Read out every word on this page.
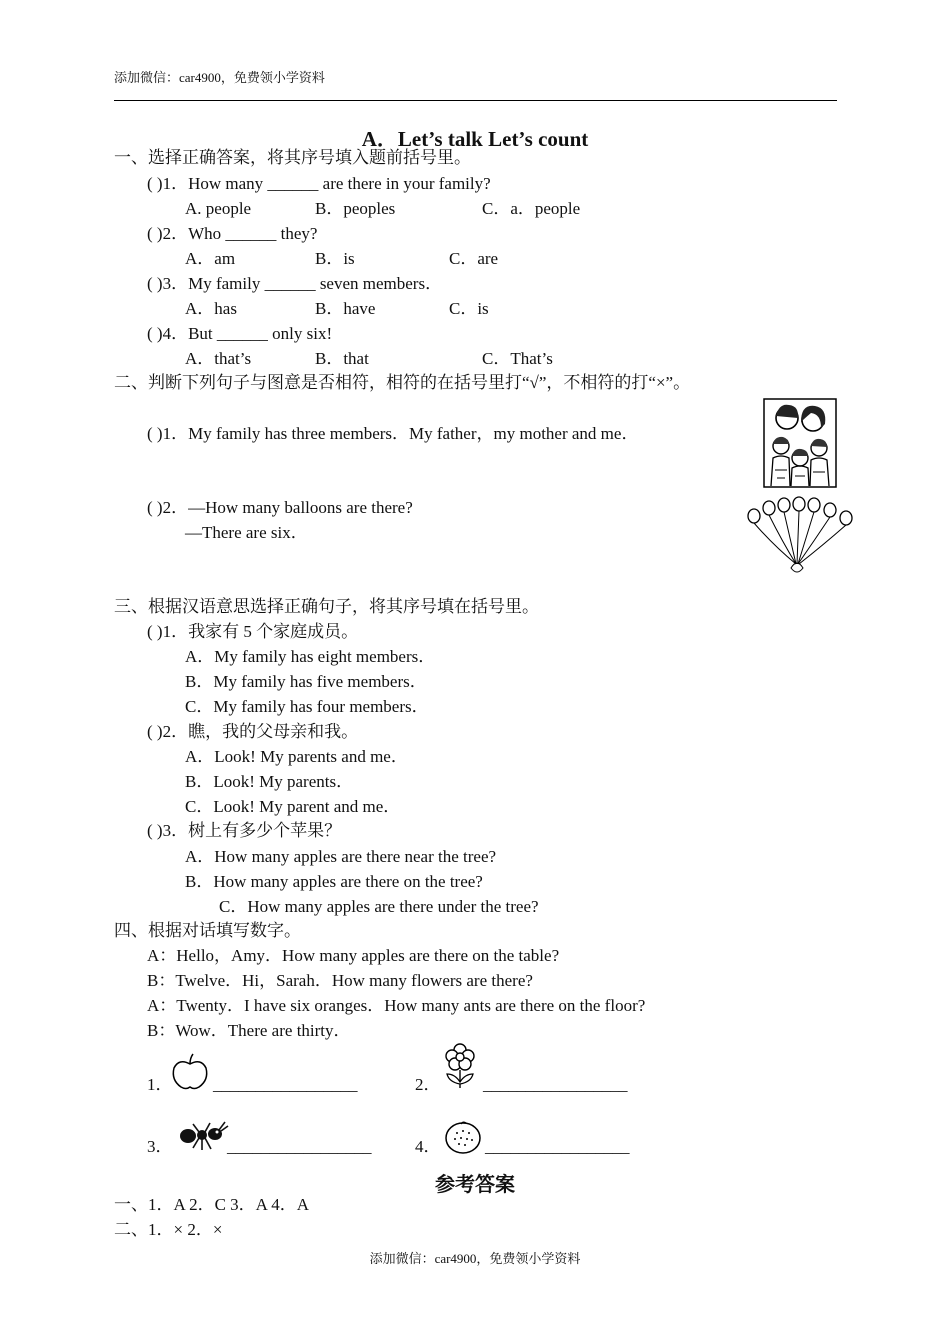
添加微信：car4900，免费领小学资料
A．Let’s talk Let’s count
一、选择正确答案，将其序号填入题前括号里。
( )1．How many ______ are there in your family?
A. people	B．peoples	C．a．people
( )2．Who ______ they?
A．am	B．is	C．are
( )3．My family ______ seven members．
A．has	B．have	C．is
( )4．But ______ only six!
A．that’s	B．that	C．That’s
二、判断下列句子与图意是否相符，相符的在括号里打“√”，不相符的打“×”。
( )1．My family has three members．My father，my mother and me．
( )2．—How many balloons are there?
—There are six．
三、根据汉语意思选择正确句子，将其序号填在括号里。
( )1．我家有 5 个家庭成员。
A．My family has eight members．
B．My family has five members．
C．My family has four members．
( )2．瞧，我的父母亲和我。
A．Look! My parents and me．
B．Look! My parents．
C．Look! My parent and me．
( )3．树上有多少个苹果？
A．How many apples are there near the tree?
B．How many apples are there on the tree?
C．How many apples are there under the tree?
四、根据对话填写数字。
A：Hello，Amy．How many apples are there on the table?
B：Twelve．Hi，Sarah．How many flowers are there?
A：Twenty．I have six oranges．How many ants are there on the floor?
B：Wow．There are thirty．
1． _________________	2．	_________________
3．	_________________	4．	_________________
参考答案
一、1．A 2．C 3．A 4．A
二、1．× 2．×
添加微信：car4900，免费领小学资料
